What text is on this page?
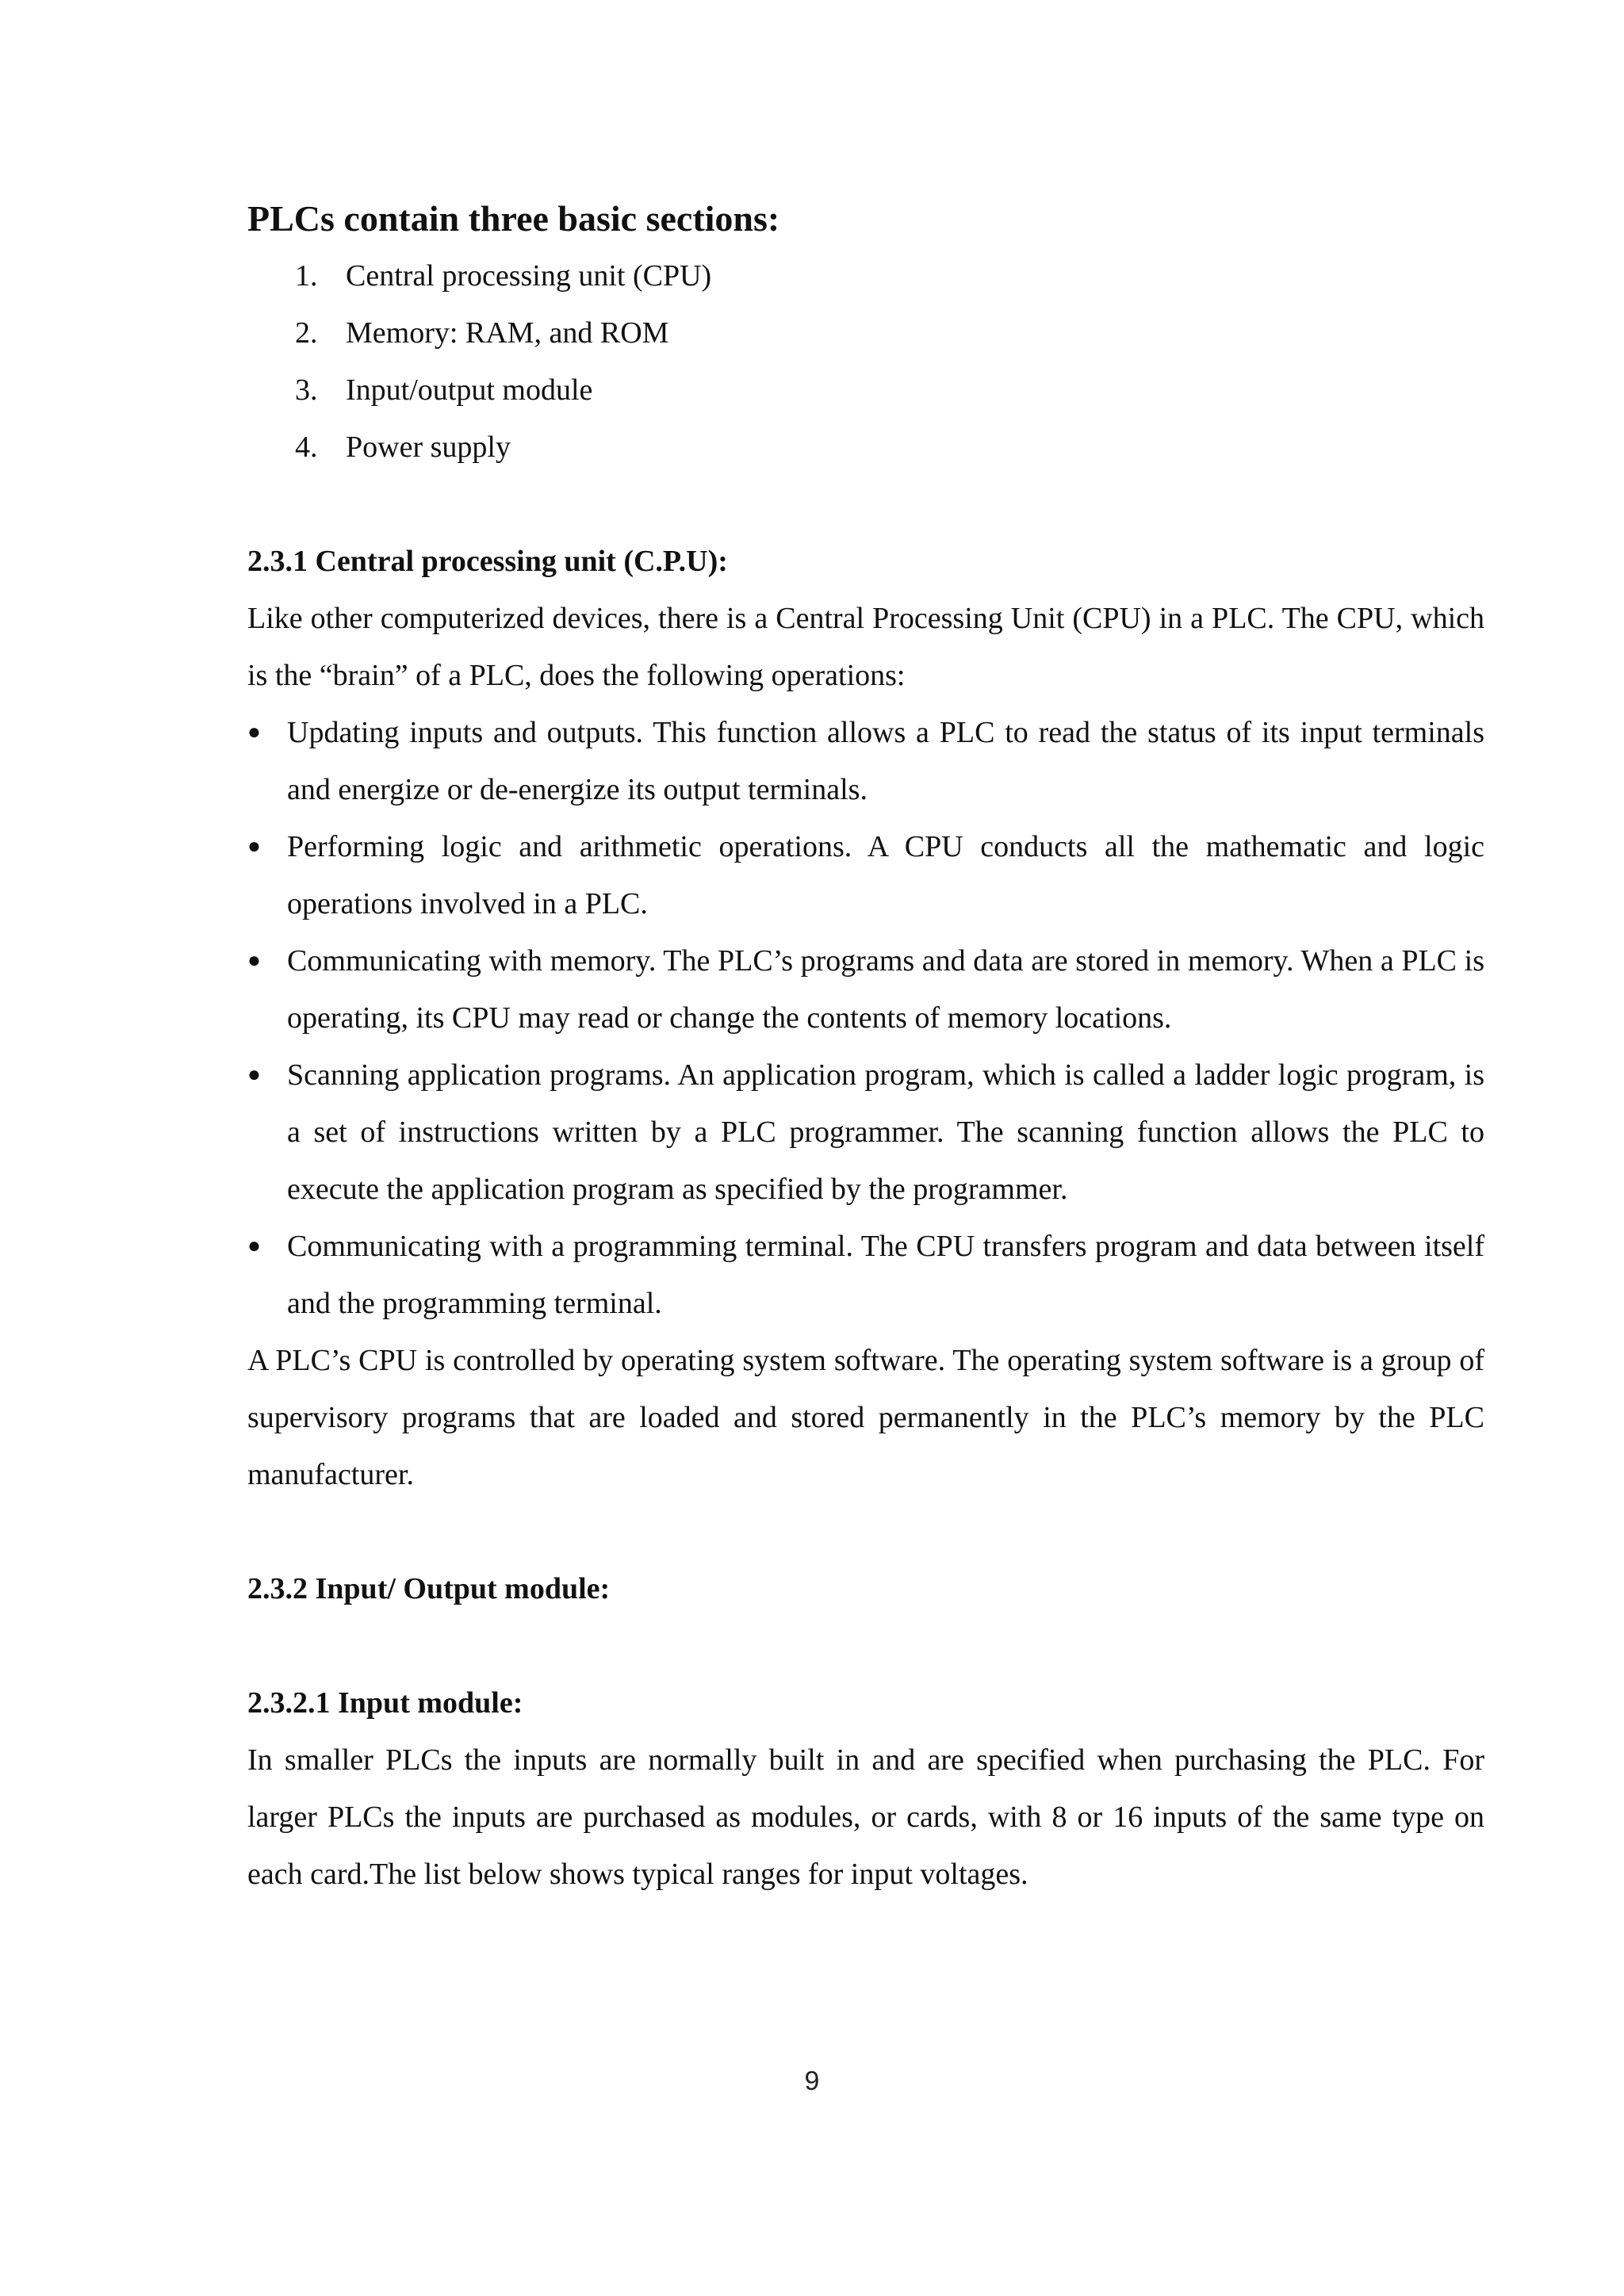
PLCs contain three basic sections:
1. Central processing unit (CPU)
2. Memory: RAM, and ROM
3. Input/output module
4. Power supply
2.3.1 Central processing unit (C.P.U):

Like other computerized devices, there is a Central Processing Unit (CPU) in a PLC. The CPU, which is the “brain” of a PLC, does the following operations:

● Updating inputs and outputs. This function allows a PLC to read the status of its input terminals and energize or de-energize its output terminals.
● Performing logic and arithmetic operations. A CPU conducts all the mathematic and logic operations involved in a PLC.
● Communicating with memory. The PLC’s programs and data are stored in memory. When a PLC is operating, its CPU may read or change the contents of memory locations.
● Scanning application programs. An application program, which is called a ladder logic program, is a set of instructions written by a PLC programmer. The scanning function allows the PLC to execute the application program as specified by the programmer.
● Communicating with a programming terminal. The CPU transfers program and data between itself and the programming terminal.

A PLC’s CPU is controlled by operating system software. The operating system software is a group of supervisory programs that are loaded and stored permanently in the PLC’s memory by the PLC manufacturer.

2.3.2 Input/ Output module:
2.3.2.1 Input module:

In smaller PLCs the inputs are normally built in and are specified when purchasing the PLC. For larger PLCs the inputs are purchased as modules, or cards, with 8 or 16 inputs of the same type on each card.The list below shows typical ranges for input voltages.

9
